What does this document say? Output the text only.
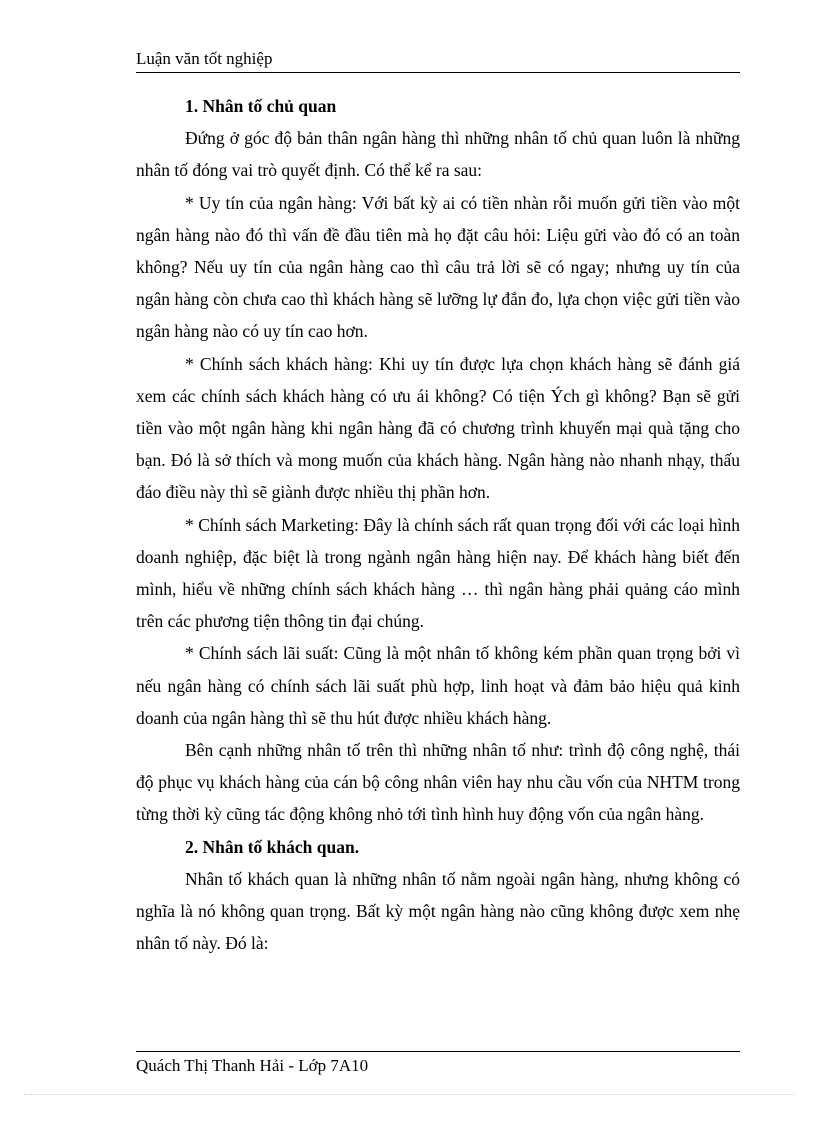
Luận văn tốt nghiệp

1. Nhân tố chủ quan

Đứng ở góc độ bản thân ngân hàng thì những nhân tố chủ quan luôn là những nhân tố đóng vai trò quyết định. Có thể kể ra sau:

* Uy tín của ngân hàng: Với bất kỳ ai có tiền nhàn rỗi muốn gửi tiền vào một ngân hàng nào đó thì vấn đề đầu tiên mà họ đặt câu hỏi: Liệu gửi vào đó có an toàn không? Nếu uy tín của ngân hàng cao thì câu trả lời sẽ có ngay; nhưng uy tín của ngân hàng còn chưa cao thì khách hàng sẽ lưỡng lự đắn đo, lựa chọn việc gửi tiền vào ngân hàng nào có uy tín cao hơn.

* Chính sách khách hàng: Khi uy tín được lựa chọn khách hàng sẽ đánh giá xem các chính sách khách hàng có ưu ái không? Có tiện Ých gì không? Bạn sẽ gửi tiền vào một ngân hàng khi ngân hàng đã có chương trình khuyến mại quà tặng cho bạn. Đó là sở thích và mong muốn của khách hàng. Ngân hàng nào nhanh nhạy, thấu đáo điều này thì sẽ giành được nhiều thị phần hơn.

* Chính sách Marketing: Đây là chính sách rất quan trọng đối với các loại hình doanh nghiệp, đặc biệt là trong ngành ngân hàng hiện nay. Để khách hàng biết đến mình, hiểu về những chính sách khách hàng … thì ngân hàng phải quảng cáo mình trên các phương tiện thông tin đại chúng.

* Chính sách lãi suất: Cũng là một nhân tố không kém phần quan trọng bởi vì nếu ngân hàng có chính sách lãi suất phù hợp, linh hoạt và đảm bảo hiệu quả kinh doanh của ngân hàng thì sẽ thu hút được nhiều khách hàng.

Bên cạnh những nhân tố trên thì những nhân tố như: trình độ công nghệ, thái độ phục vụ khách hàng của cán bộ công nhân viên hay nhu cầu vốn của NHTM trong từng thời kỳ cũng tác động không nhỏ tới tình hình huy động vốn của ngân hàng.

2. Nhân tố khách quan.

Nhân tố khách quan là những nhân tố nằm ngoài ngân hàng, nhưng không có nghĩa là nó không quan trọng. Bất kỳ một ngân hàng nào cũng không được xem nhẹ nhân tố này. Đó là:

Quách Thị Thanh Hải - Lớp 7A10
